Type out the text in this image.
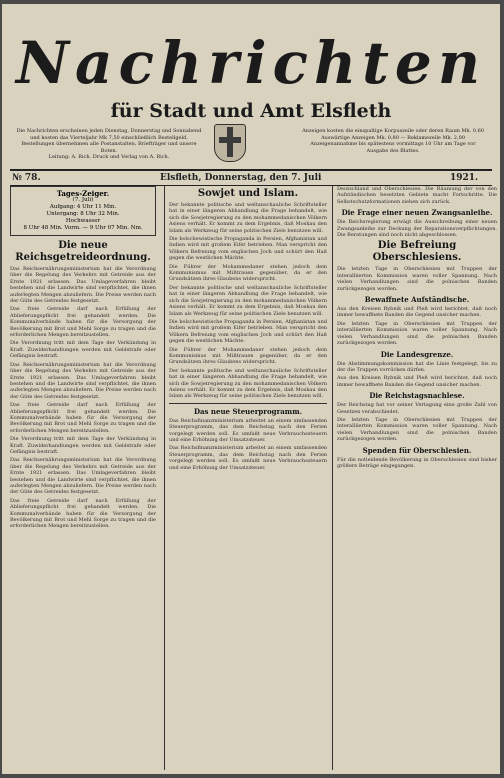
Nachrichten
für Stadt und Amt Elsfleth
Die Nachrichten erscheinen jeden Dienstag, Donnerstag und Sonnabend
und kosten das Vierteljahr Mk 7,50 einschließlich Bestellgeld.
Bestellungen übernehmen alle Postanstalten, Briefträger und unsere Boten.
Leitung: A. Rich. Druck und Verlag von A. Rich.
Anzeigen kosten die einspaltige Korpuszeile oder deren Raum Mk. 0,60
Auswärtige Anzeigen Mk. 0,80 — Reklamezeile Mk. 2,00
Anzeigenannahme bis spätestens vormittags 10 Uhr am Tage vor
Ausgabe des Blattes.
№ 78.	Elsfleth, Donnerstag, den 7. Juli	1921.
Tages-Zeiger.
(7. Juli)
Aufgang: 4 Uhr 11 Min.
Untergang: 8 Uhr 32 Min.
Hochwasser
8 Uhr 48 Min. Vorm. — 9 Uhr 07 Min. Nm.
Die neue Reichsgetreideordnung.

Das Reichsernährungsministerium hat die Verordnung über die Regelung des Verkehrs mit Getreide aus der Ernte 1921 erlassen. Das Umlageverfahren bleibt bestehen und die Landwirte sind verpflichtet, die ihnen auferlegten Mengen abzuliefern. Die Preise werden nach der Güte des Getreides festgesetzt.

Das freie Getreide darf nach Erfüllung der Ablieferungspflicht frei gehandelt werden. Die Kommunalverbände haben für die Versorgung der Bevölkerung mit Brot und Mehl Sorge zu tragen und die erforderlichen Mengen bereitzustellen.

Die Verordnung tritt mit dem Tage der Verkündung in Kraft. Zuwiderhandlungen werden mit Geldstrafe oder Gefängnis bestraft.

Das Reichsernährungsministerium hat die Verordnung über die Regelung des Verkehrs mit Getreide aus der Ernte 1921 erlassen. Das Umlageverfahren bleibt bestehen und die Landwirte sind verpflichtet, die ihnen auferlegten Mengen abzuliefern. Die Preise werden nach der Güte des Getreides festgesetzt.

Das freie Getreide darf nach Erfüllung der Ablieferungspflicht frei gehandelt werden. Die Kommunalverbände haben für die Versorgung der Bevölkerung mit Brot und Mehl Sorge zu tragen und die erforderlichen Mengen bereitzustellen.

Die Verordnung tritt mit dem Tage der Verkündung in Kraft. Zuwiderhandlungen werden mit Geldstrafe oder Gefängnis bestraft.

Das Reichsernährungsministerium hat die Verordnung über die Regelung des Verkehrs mit Getreide aus der Ernte 1921 erlassen. Das Umlageverfahren bleibt bestehen und die Landwirte sind verpflichtet, die ihnen auferlegten Mengen abzuliefern. Die Preise werden nach der Güte des Getreides festgesetzt.

Das freie Getreide darf nach Erfüllung der Ablieferungspflicht frei gehandelt werden. Die Kommunalverbände haben für die Versorgung der Bevölkerung mit Brot und Mehl Sorge zu tragen und die erforderlichen Mengen bereitzustellen.

Sowjet und Islam.

Der bekannte politische und weltanschauliche Schriftsteller hat in einer längeren Abhandlung die Frage behandelt, wie sich die Sowjetregierung zu den mohammedanischen Völkern Asiens verhält. Er kommt zu dem Ergebnis, daß Moskau den Islam als Werkzeug für seine politischen Ziele benutzen will.

Die bolschewistische Propaganda in Persien, Afghanistan und Indien wird mit großem Eifer betrieben. Man verspricht den Völkern Befreiung vom englischen Joch und schürt den Haß gegen die westlichen Mächte.

Die Führer der Mohammedaner stehen jedoch dem Kommunismus mit Mißtrauen gegenüber, da er den Grundsätzen ihres Glaubens widerspricht.

Der bekannte politische und weltanschauliche Schriftsteller hat in einer längeren Abhandlung die Frage behandelt, wie sich die Sowjetregierung zu den mohammedanischen Völkern Asiens verhält. Er kommt zu dem Ergebnis, daß Moskau den Islam als Werkzeug für seine politischen Ziele benutzen will.

Die bolschewistische Propaganda in Persien, Afghanistan und Indien wird mit großem Eifer betrieben. Man verspricht den Völkern Befreiung vom englischen Joch und schürt den Haß gegen die westlichen Mächte.

Die Führer der Mohammedaner stehen jedoch dem Kommunismus mit Mißtrauen gegenüber, da er den Grundsätzen ihres Glaubens widerspricht.

Der bekannte politische und weltanschauliche Schriftsteller hat in einer längeren Abhandlung die Frage behandelt, wie sich die Sowjetregierung zu den mohammedanischen Völkern Asiens verhält. Er kommt zu dem Ergebnis, daß Moskau den Islam als Werkzeug für seine politischen Ziele benutzen will.

Das neue Steuerprogramm.

Das Reichsfinanzministerium arbeitet an einem umfassenden Steuerprogramm, das dem Reichstag nach den Ferien vorgelegt werden soll. Es umfaßt neue Verbrauchssteuern und eine Erhöhung der Umsatzsteuer.

Das Reichsfinanzministerium arbeitet an einem umfassenden Steuerprogramm, das dem Reichstag nach den Ferien vorgelegt werden soll. Es umfaßt neue Verbrauchssteuern und eine Erhöhung der Umsatzsteuer.

Deutschland und Oberschlesien. Die Räumung der von den Aufständischen besetzten Gebiete macht Fortschritte. Die Selbstschutzformationen ziehen sich zurück.

Die Frage einer neuen Zwangsanleihe.

Die Reichsregierung erwägt die Ausschreibung einer neuen Zwangsanleihe zur Deckung der Reparationsverpflichtungen. Die Beratungen sind noch nicht abgeschlossen.

Die Befreiung Oberschlesiens.

Die letzten Tage in Oberschlesien mit Truppen der interalliierten Kommission waren voller Spannung. Nach vielen Verhandlungen sind die polnischen Banden zurückgezogen worden.

Bewaffnete Aufständische.

Aus den Kreisen Rybnik und Pleß wird berichtet, daß noch immer bewaffnete Banden die Gegend unsicher machen.

Die letzten Tage in Oberschlesien mit Truppen der interalliierten Kommission waren voller Spannung. Nach vielen Verhandlungen sind die polnischen Banden zurückgezogen worden.

Die Landesgrenze.

Die Abstimmungskommission hat die Linie festgelegt, bis zu der die Truppen vorrücken dürfen.

Aus den Kreisen Rybnik und Pleß wird berichtet, daß noch immer bewaffnete Banden die Gegend unsicher machen.

Die Reichstagsnachlese.

Der Reichstag hat vor seiner Vertagung eine große Zahl von Gesetzen verabschiedet.

Die letzten Tage in Oberschlesien mit Truppen der interalliierten Kommission waren voller Spannung. Nach vielen Verhandlungen sind die polnischen Banden zurückgezogen worden.

Spenden für Oberschlesien.

Für die notleidende Bevölkerung in Oberschlesien sind bisher größere Beträge eingegangen.
